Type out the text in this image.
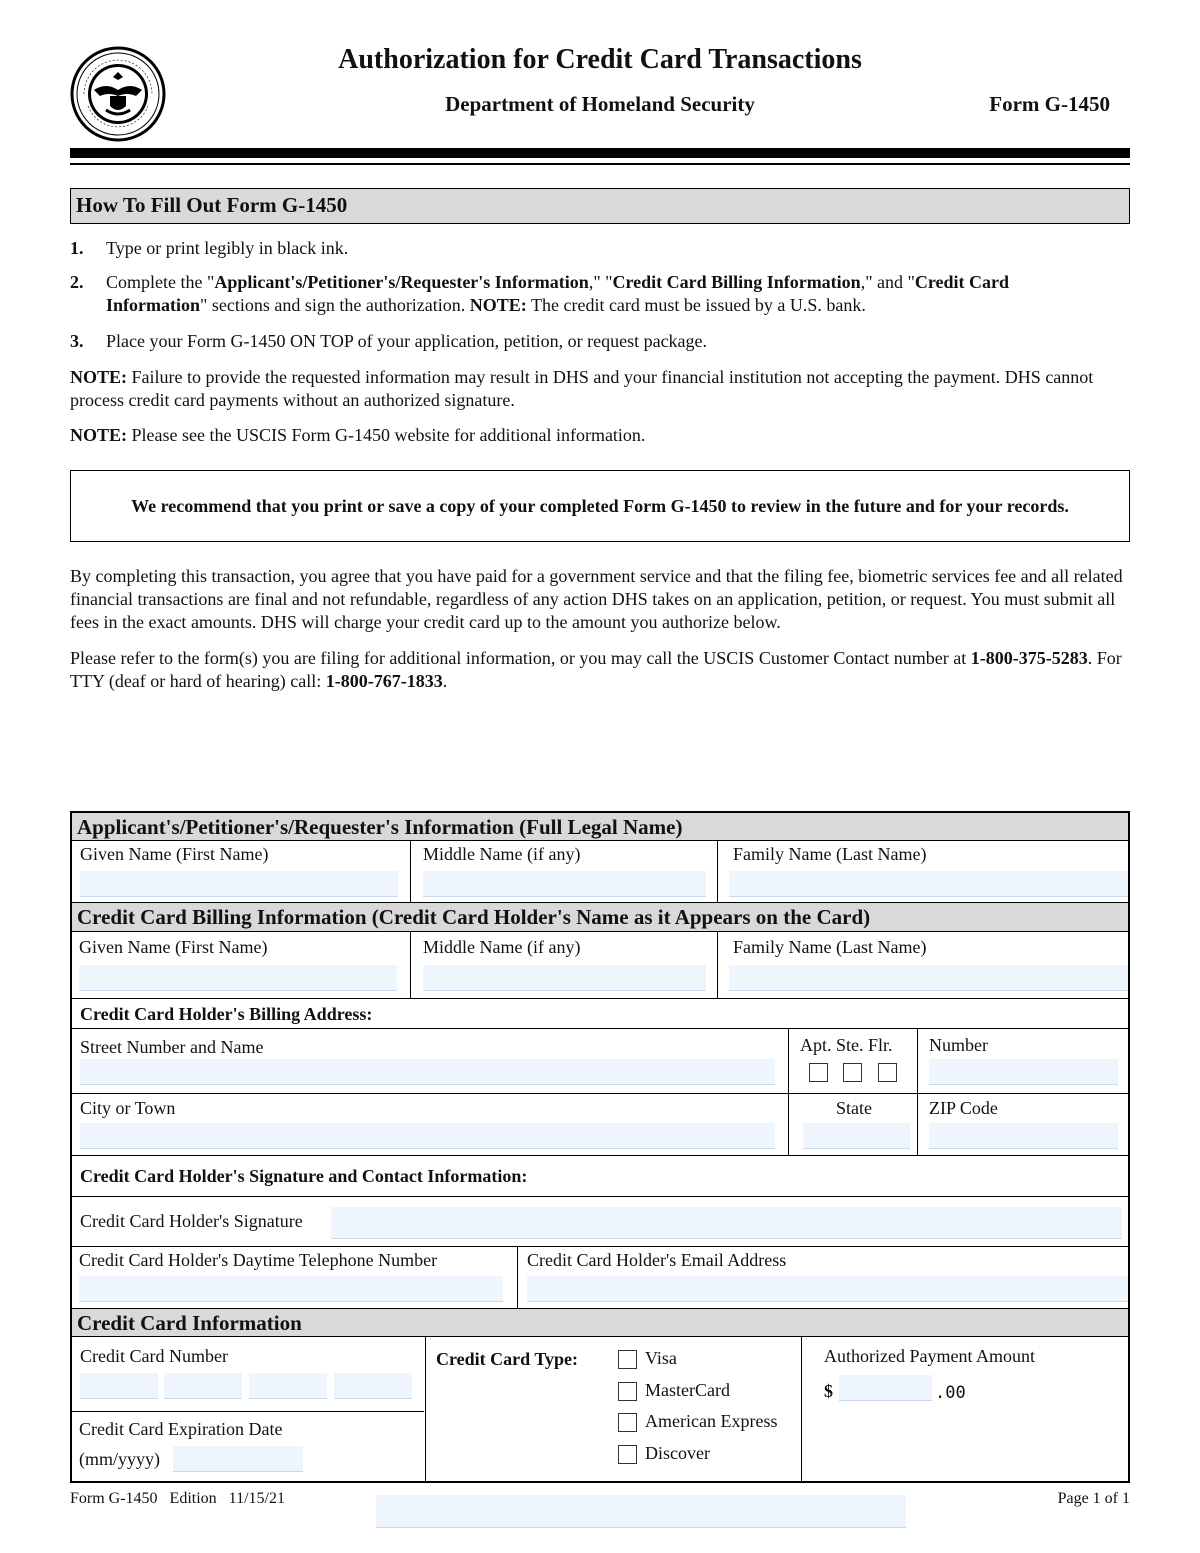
Authorization for Credit Card Transactions
Department of Homeland Security	Form G-1450
How To Fill Out Form G-1450
1. Type or print legibly in black ink.
2. Complete the "Applicant's/Petitioner's/Requester's Information," "Credit Card Billing Information," and "Credit Card Information" sections and sign the authorization. NOTE: The credit card must be issued by a U.S. bank.
3. Place your Form G-1450 ON TOP of your application, petition, or request package.
NOTE: Failure to provide the requested information may result in DHS and your financial institution not accepting the payment. DHS cannot process credit card payments without an authorized signature.
NOTE: Please see the USCIS Form G-1450 website for additional information.
We recommend that you print or save a copy of your completed Form G-1450 to review in the future and for your records.
By completing this transaction, you agree that you have paid for a government service and that the filing fee, biometric services fee and all related financial transactions are final and not refundable, regardless of any action DHS takes on an application, petition, or request. You must submit all fees in the exact amounts. DHS will charge your credit card up to the amount you authorize below.
Please refer to the form(s) you are filing for additional information, or you may call the USCIS Customer Contact number at 1-800-375-5283. For TTY (deaf or hard of hearing) call: 1-800-767-1833.
Applicant's/Petitioner's/Requester's Information (Full Legal Name)
Given Name (First Name)	Middle Name (if any)	Family Name (Last Name)
Credit Card Billing Information (Credit Card Holder's Name as it Appears on the Card)
Given Name (First Name)	Middle Name (if any)	Family Name (Last Name)
Credit Card Holder's Billing Address:
Street Number and Name	Apt. Ste. Flr. Number
City or Town	State	ZIP Code
Credit Card Holder's Signature and Contact Information:
Credit Card Holder's Signature
Credit Card Holder's Daytime Telephone Number	Credit Card Holder's Email Address
Credit Card Information
Credit Card Number
Credit Card Expiration Date
(mm/yyyy)
Credit Card Type:	Visa
MasterCard
American Express
Discover
Authorized Payment Amount
$	.00
Form G-1450   Edition   11/15/21	Page 1 of 1
